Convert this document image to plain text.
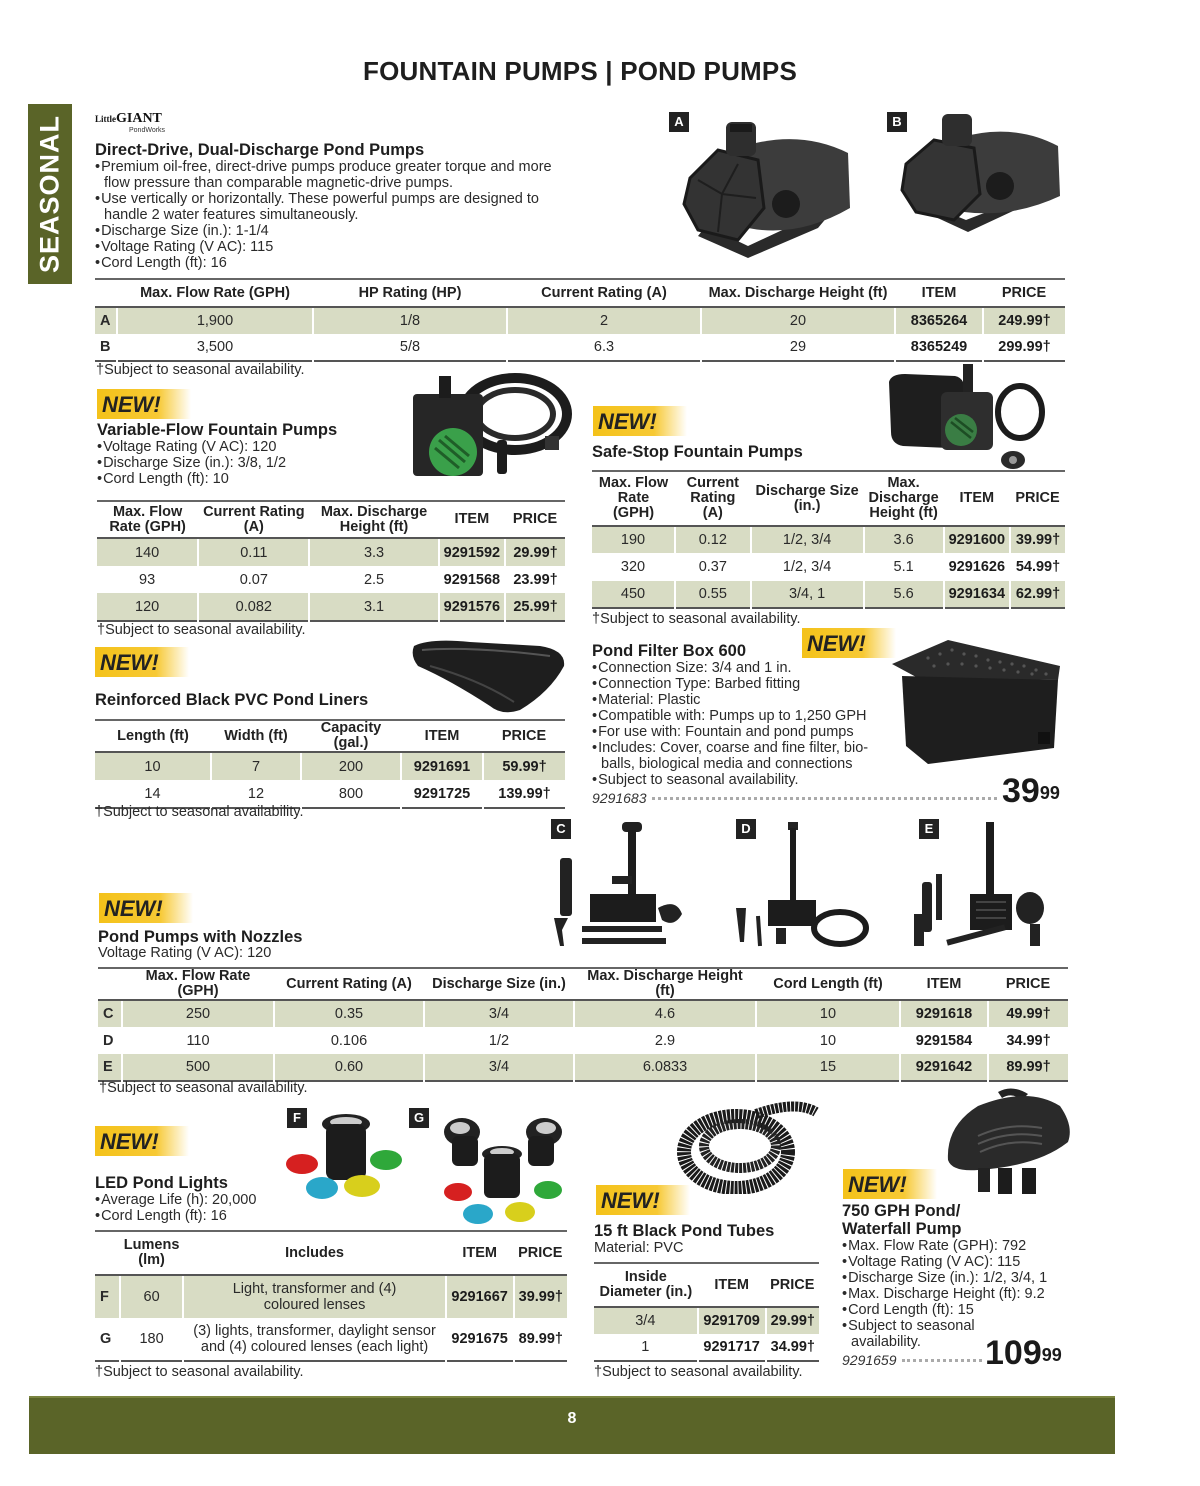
FOUNTAIN PUMPS | POND PUMPS
SEASONAL	LittleGIANT
PondWorks
Direct-Drive, Dual-Discharge Pond Pumps
• Premium oil-free, direct-drive pumps produce greater torque and more flow pressure than comparable magnetic-drive pumps.
• Use vertically or horizontally. These powerful pumps are designed to handle 2 water features simultaneously.
• Discharge Size (in.): 1-1/4
• Voltage Rating (V AC): 115
• Cord Length (ft): 16
A	B
	Max. Flow Rate (GPH)	HP Rating (HP)	Current Rating (A)	Max. Discharge Height (ft)	ITEM	PRICE
A	1,900	1/8	2	20	8365264	249.99†
B	3,500	5/8	6.3	29	8365249	299.99†
†Subject to seasonal availability.
NEW!
Variable-Flow Fountain Pumps
• Voltage Rating (V AC): 120
• Discharge Size (in.): 3/8, 1/2
• Cord Length (ft): 10
Max. Flow Rate (GPH)	Current Rating (A)	Max. Discharge Height (ft)	ITEM	PRICE
140	0.11	3.3	9291592	29.99†
93	0.07	2.5	9291568	23.99†
120	0.082	3.1	9291576	25.99†
†Subject to seasonal availability.
NEW!
Safe-Stop Fountain Pumps
Max. Flow Rate (GPH)	Current Rating (A)	Discharge Size (in.)	Max. Discharge Height (ft)	ITEM	PRICE
190	0.12	1/2, 3/4	3.6	9291600	39.99†
320	0.37	1/2, 3/4	5.1	9291626	54.99†
450	0.55	3/4, 1	5.6	9291634	62.99†
†Subject to seasonal availability.
NEW!
Reinforced Black PVC Pond Liners
Length (ft)	Width (ft)	Capacity (gal.)	ITEM	PRICE
10	7	200	9291691	59.99†
14	12	800	9291725	139.99†
†Subject to seasonal availability.
Pond Filter Box 600	NEW!
• Connection Size: 3/4 and 1 in.
• Connection Type: Barbed fitting
• Material: Plastic
• Compatible with: Pumps up to 1,250 GPH
• For use with: Fountain and pond pumps
• Includes: Cover, coarse and fine filter, bio-balls, biological media and connections
• Subject to seasonal availability.
9291683	$39^{99}$
C	D	E
NEW!
Pond Pumps with Nozzles
Voltage Rating (V AC): 120
	Max. Flow Rate (GPH)	Current Rating (A)	Discharge Size (in.)	Max. Discharge Height (ft)	Cord Length (ft)	ITEM	PRICE
C	250	0.35	3/4	4.6	10	9291618	49.99†
D	110	0.106	1/2	2.9	10	9291584	34.99†
E	500	0.60	3/4	6.0833	15	9291642	89.99†
†Subject to seasonal availability.
F	G
NEW!
LED Pond Lights
• Average Life (h): 20,000
• Cord Length (ft): 16
	Lumens (lm)	Includes	ITEM	PRICE
F	60	Light, transformer and (4) coloured lenses	9291667	39.99†
G	180	(3) lights, transformer, daylight sensor and (4) coloured lenses (each light)	9291675	89.99†
†Subject to seasonal availability.
NEW!
15 ft Black Pond Tubes
Material: PVC
Inside Diameter (in.)	ITEM	PRICE
3/4	9291709	29.99†
1	9291717	34.99†
†Subject to seasonal availability.
NEW!
750 GPH Pond/
Waterfall Pump
• Max. Flow Rate (GPH): 792
• Voltage Rating (V AC): 115
• Discharge Size (in.): 1/2, 3/4, 1
• Max. Discharge Height (ft): 9.2
• Cord Length (ft): 15
• Subject to seasonal availability.
9291659	$109^{99}$
8
